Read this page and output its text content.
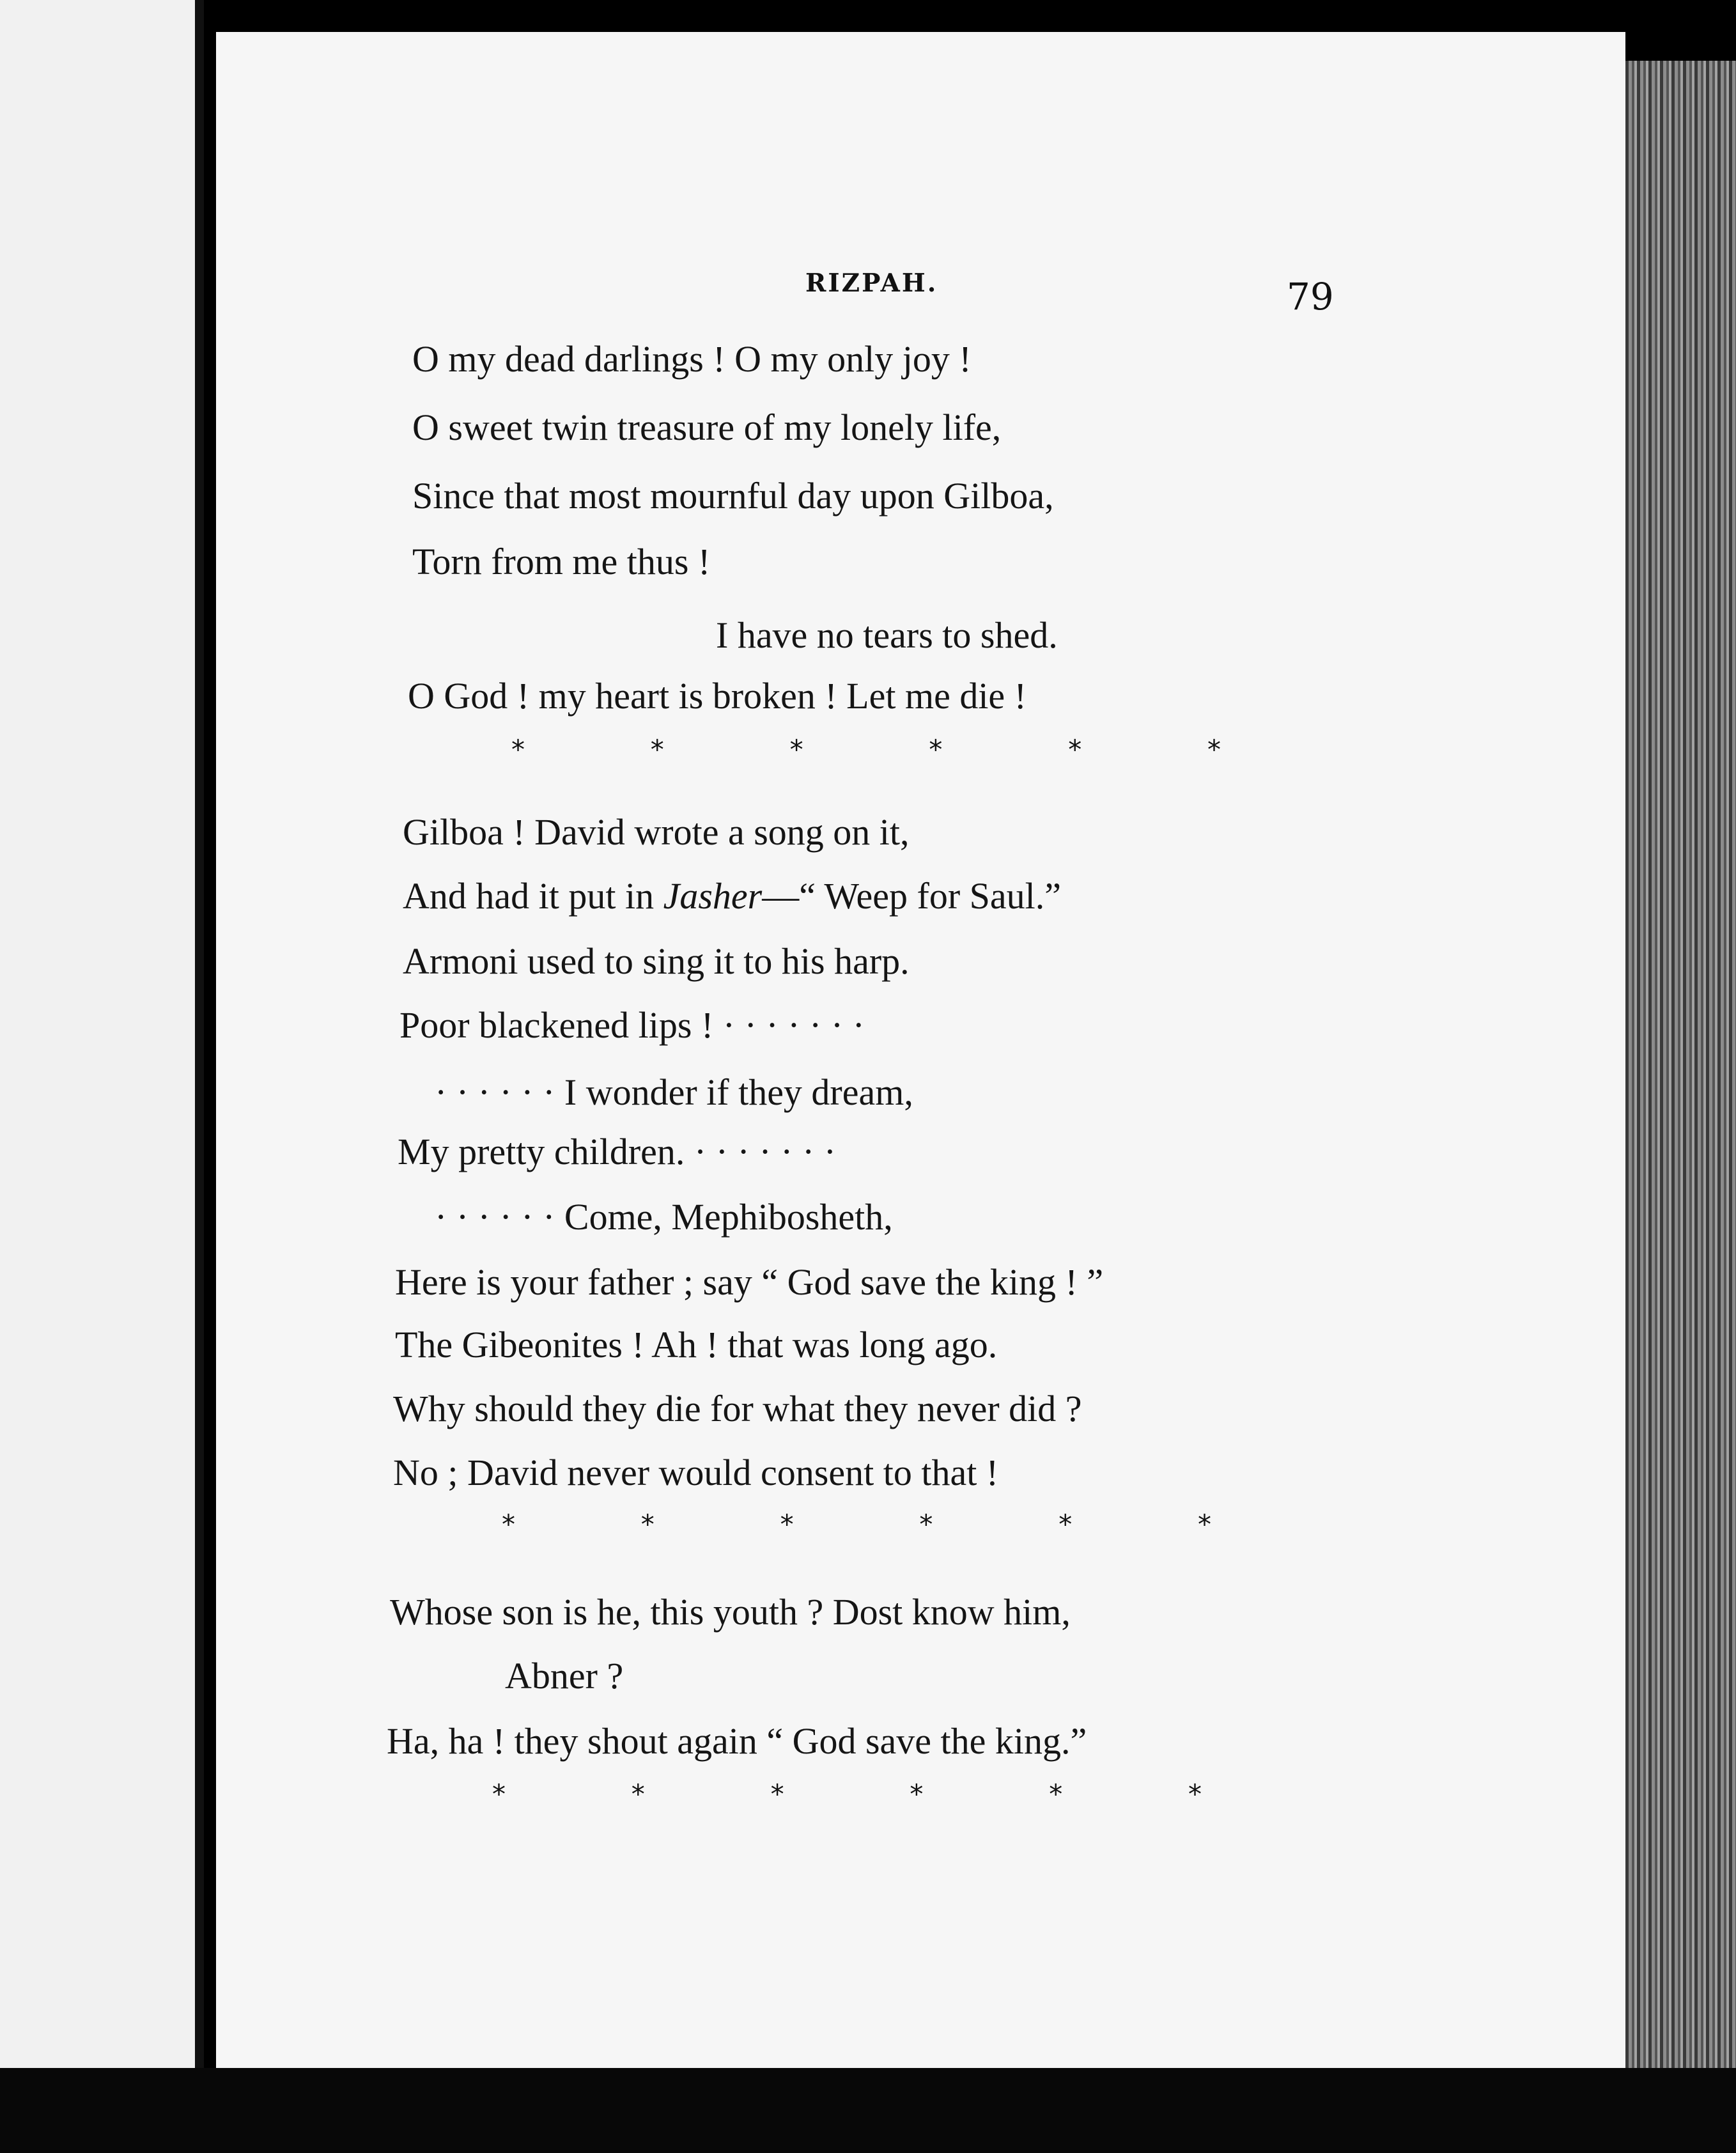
RIZPAH.	79
O my dead darlings ! O my only joy !
O sweet twin treasure of my lonely life,
Since that most mournful day upon Gilboa,
Torn from me thus !
I have no tears to shed.
O God ! my heart is broken ! Let me die !
*	*	*	*	*	*
Gilboa ! David wrote a song on it,
And had it put in Jasher—“ Weep for Saul.”
Armoni used to sing it to his harp.
Poor blackened lips ! · · · · · · ·
· · · · · · I wonder if they dream,
My pretty children. · · · · · · ·
· · · · · · Come, Mephibosheth,
Here is your father ; say “ God save the king ! ”
The Gibeonites ! Ah ! that was long ago.
Why should they die for what they never did ?
No ; David never would consent to that !
*	*	*	*	*	*
Whose son is he, this youth ? Dost know him,
Abner ?
Ha, ha ! they shout again “ God save the king.”
*	*	*	*	*	*
